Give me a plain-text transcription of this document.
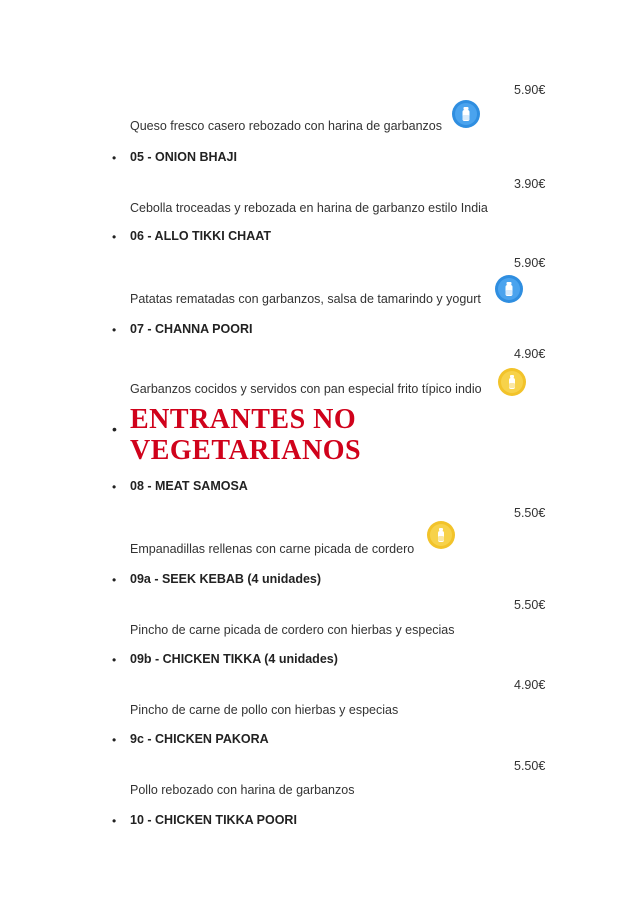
5.90€
Queso fresco casero rebozado con harina de garbanzos
• 05 - ONION BHAJI
3.90€
Cebolla troceadas y rebozada en harina de garbanzo estilo India
• 06 - ALLO TIKKI CHAAT
5.90€
Patatas rematadas con garbanzos, salsa de tamarindo y yogurt
• 07 - CHANNA POORI
4.90€
Garbanzos cocidos y servidos con pan especial frito típico indio
• ENTRANTES NO
VEGETARIANOS
• 08 - MEAT SAMOSA
5.50€
Empanadillas rellenas con carne picada de cordero
• 09a - SEEK KEBAB (4 unidades)
5.50€
Pincho de carne picada de cordero con hierbas y especias
• 09b - CHICKEN TIKKA (4 unidades)
4.90€
Pincho de carne de pollo con hierbas y especias
• 9c - CHICKEN PAKORA
5.50€
Pollo rebozado con harina de garbanzos
• 10 - CHICKEN TIKKA POORI
